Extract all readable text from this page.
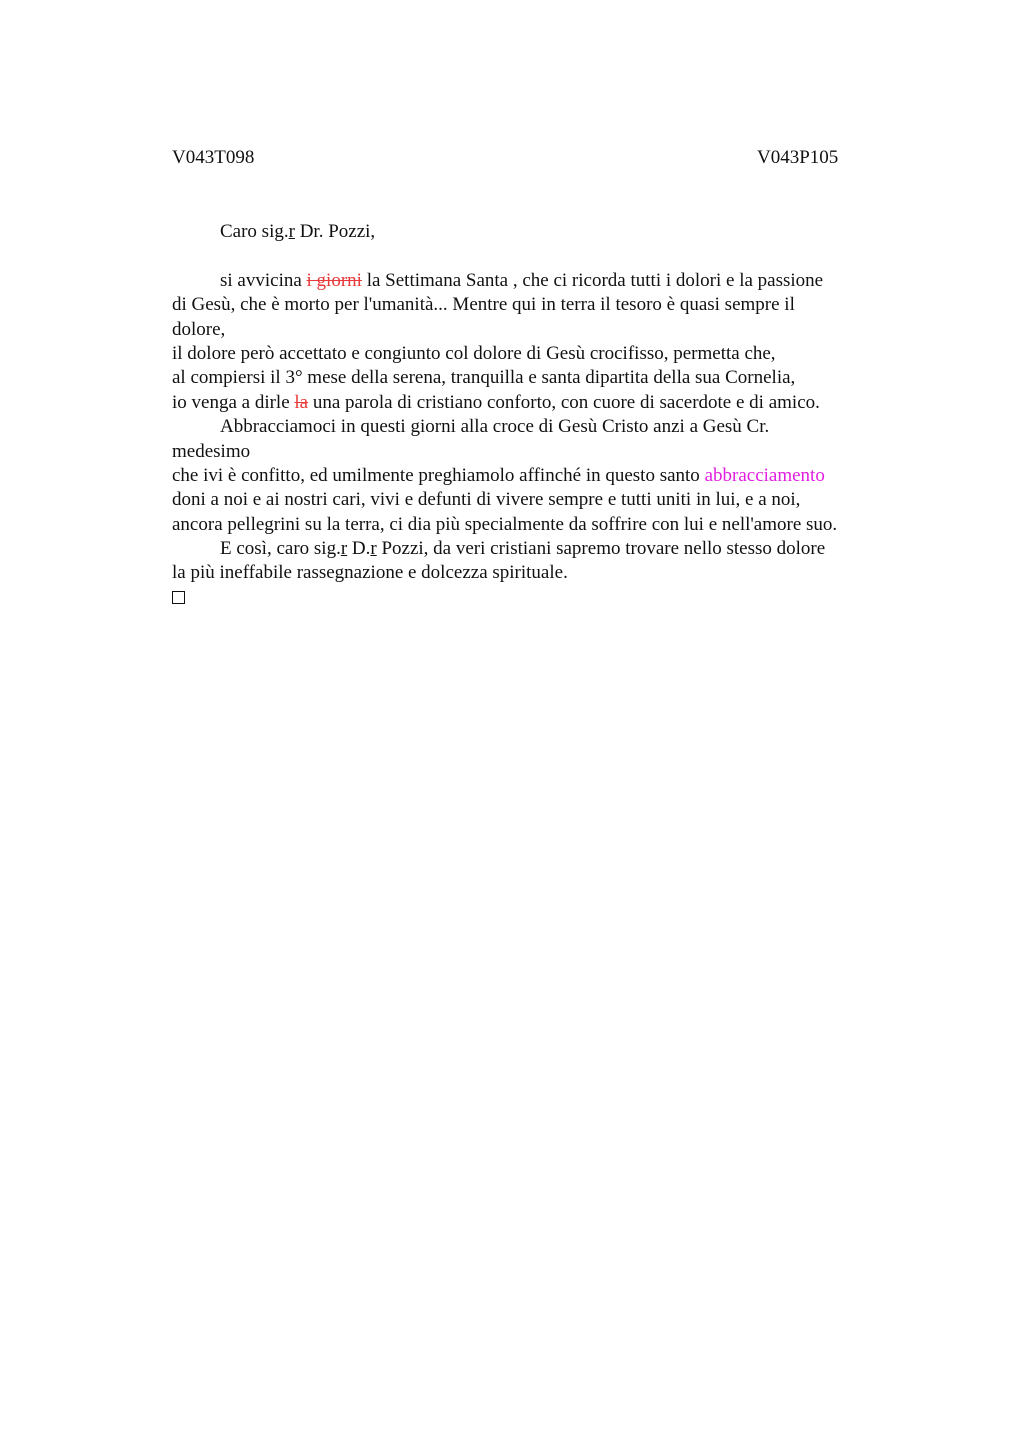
V043T098	V043P105
Caro sig.r Dr. Pozzi,
si avvicina i giorni la Settimana Santa , che ci ricorda tutti i dolori e la passione
di Gesù, che è morto per l'umanità... Mentre qui in terra il tesoro è quasi sempre il
dolore,
il dolore però accettato e congiunto col dolore di Gesù crocifisso, permetta che,
al compiersi il 3° mese della serena, tranquilla e santa dipartita della sua Cornelia,
io venga a dirle la una parola di cristiano conforto, con cuore di sacerdote e di amico.
Abbracciamoci in questi giorni alla croce di Gesù Cristo anzi a Gesù Cr.
medesimo
che ivi è confitto, ed umilmente preghiamolo affinché in questo santo abbracciamento
doni a noi e ai nostri cari, vivi e defunti di vivere sempre e tutti uniti in lui, e a noi,
ancora pellegrini su la terra, ci dia più specialmente da soffrire con lui e nell'amore suo.
E così, caro sig.r D.r Pozzi, da veri cristiani sapremo trovare nello stesso dolore
la più ineffabile rassegnazione e dolcezza spirituale.
